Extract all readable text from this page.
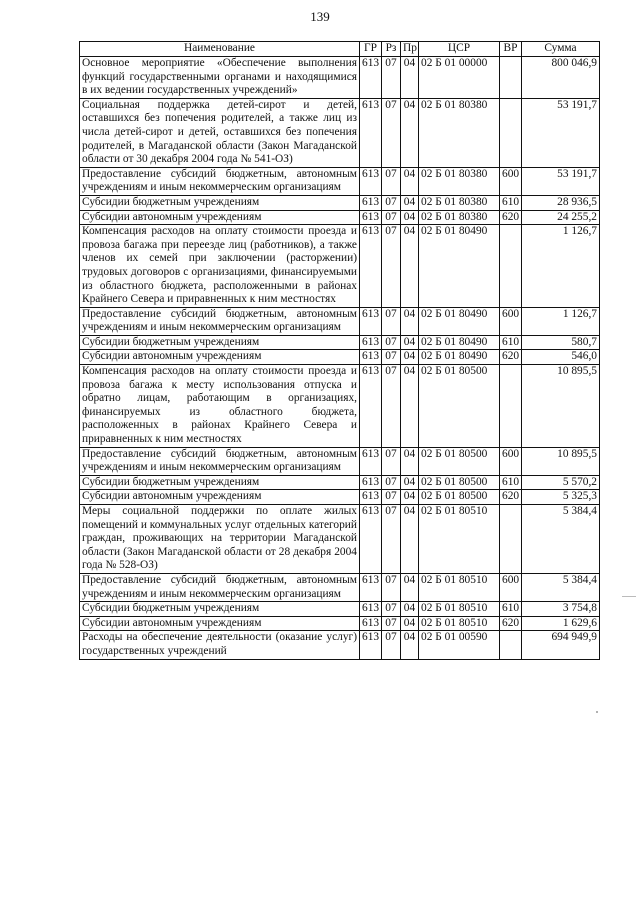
139
Наименование	ГР	Рз	Пр	ЦСР	ВР	Сумма
Основное мероприятие «Обеспечение выполнения функций государственными органами и находящимися в их ведении государственных учреждений»	613	07	04	02 Б 01 00000		800 046,9
Социальная поддержка детей-сирот и детей, оставшихся без попечения родителей, а также лиц из числа детей-сирот и детей, оставшихся без попечения родителей, в Магаданской области (Закон Магаданской области от 30 декабря 2004 года № 541-ОЗ)	613	07	04	02 Б 01 80380		53 191,7
Предоставление субсидий бюджетным, автономным учреждениям и иным некоммерческим организациям	613	07	04	02 Б 01 80380	600	53 191,7
Субсидии бюджетным учреждениям	613	07	04	02 Б 01 80380	610	28 936,5
Субсидии автономным учреждениям	613	07	04	02 Б 01 80380	620	24 255,2
Компенсация расходов на оплату стоимости проезда и провоза багажа при переезде лиц (работников), а также членов их семей при заключении (расторжении) трудовых договоров с организациями, финансируемыми из областного бюджета, расположенными в районах Крайнего Севера и приравненных к ним местностях	613	07	04	02 Б 01 80490		1 126,7
Предоставление субсидий бюджетным, автономным учреждениям и иным некоммерческим организациям	613	07	04	02 Б 01 80490	600	1 126,7
Субсидии бюджетным учреждениям	613	07	04	02 Б 01 80490	610	580,7
Субсидии автономным учреждениям	613	07	04	02 Б 01 80490	620	546,0
Компенсация расходов на оплату стоимости проезда и провоза багажа к месту использования отпуска и обратно лицам, работающим в организациях, финансируемых из областного бюджета, расположенных в районах Крайнего Севера и приравненных к ним местностях	613	07	04	02 Б 01 80500		10 895,5
Предоставление субсидий бюджетным, автономным учреждениям и иным некоммерческим организациям	613	07	04	02 Б 01 80500	600	10 895,5
Субсидии бюджетным учреждениям	613	07	04	02 Б 01 80500	610	5 570,2
Субсидии автономным учреждениям	613	07	04	02 Б 01 80500	620	5 325,3
Меры социальной поддержки по оплате жилых помещений и коммунальных услуг отдельных категорий граждан, проживающих на территории Магаданской области (Закон Магаданской области от 28 декабря 2004 года № 528-ОЗ)	613	07	04	02 Б 01 80510		5 384,4
Предоставление субсидий бюджетным, автономным учреждениям и иным некоммерческим организациям	613	07	04	02 Б 01 80510	600	5 384,4
Субсидии бюджетным учреждениям	613	07	04	02 Б 01 80510	610	3 754,8
Субсидии автономным учреждениям	613	07	04	02 Б 01 80510	620	1 629,6
Расходы на обеспечение деятельности (оказание услуг) государственных учреждений	613	07	04	02 Б 01 00590		694 949,9
